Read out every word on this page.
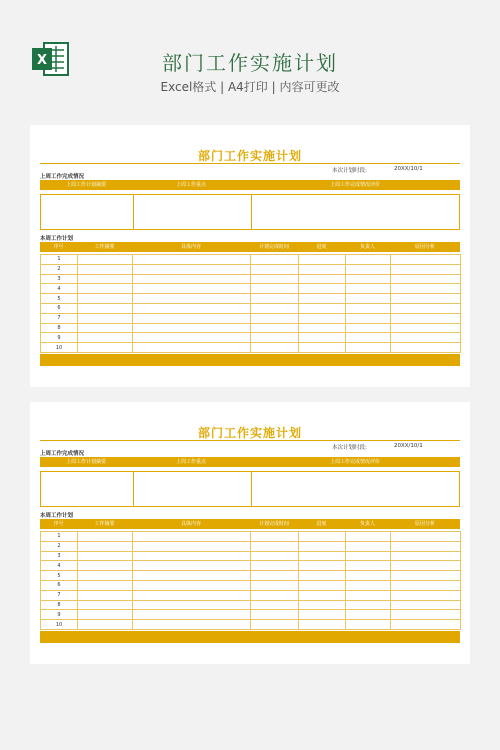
X	部门工作实施计划
Excel格式 | A4打印 | 内容可更改
部门工作实施计划
本次计划时段:	20XX/10/1
上周工作完成情况
上周工作计划摘要	上周工作重点	上周工作完成情况评价
本周工作计划
序号	工作摘要	具体内容	计划完成时间	进度	负责人	原因分析
1						
2						
3						
4						
5						
6						
7						
8						
9						
10						
部门工作实施计划
本次计划时段:	20XX/10/1
上周工作完成情况
上周工作计划摘要	上周工作重点	上周工作完成情况评价
本周工作计划
序号	工作摘要	具体内容	计划完成时间	进度	负责人	原因分析
1						
2						
3						
4						
5						
6						
7						
8						
9						
10						
